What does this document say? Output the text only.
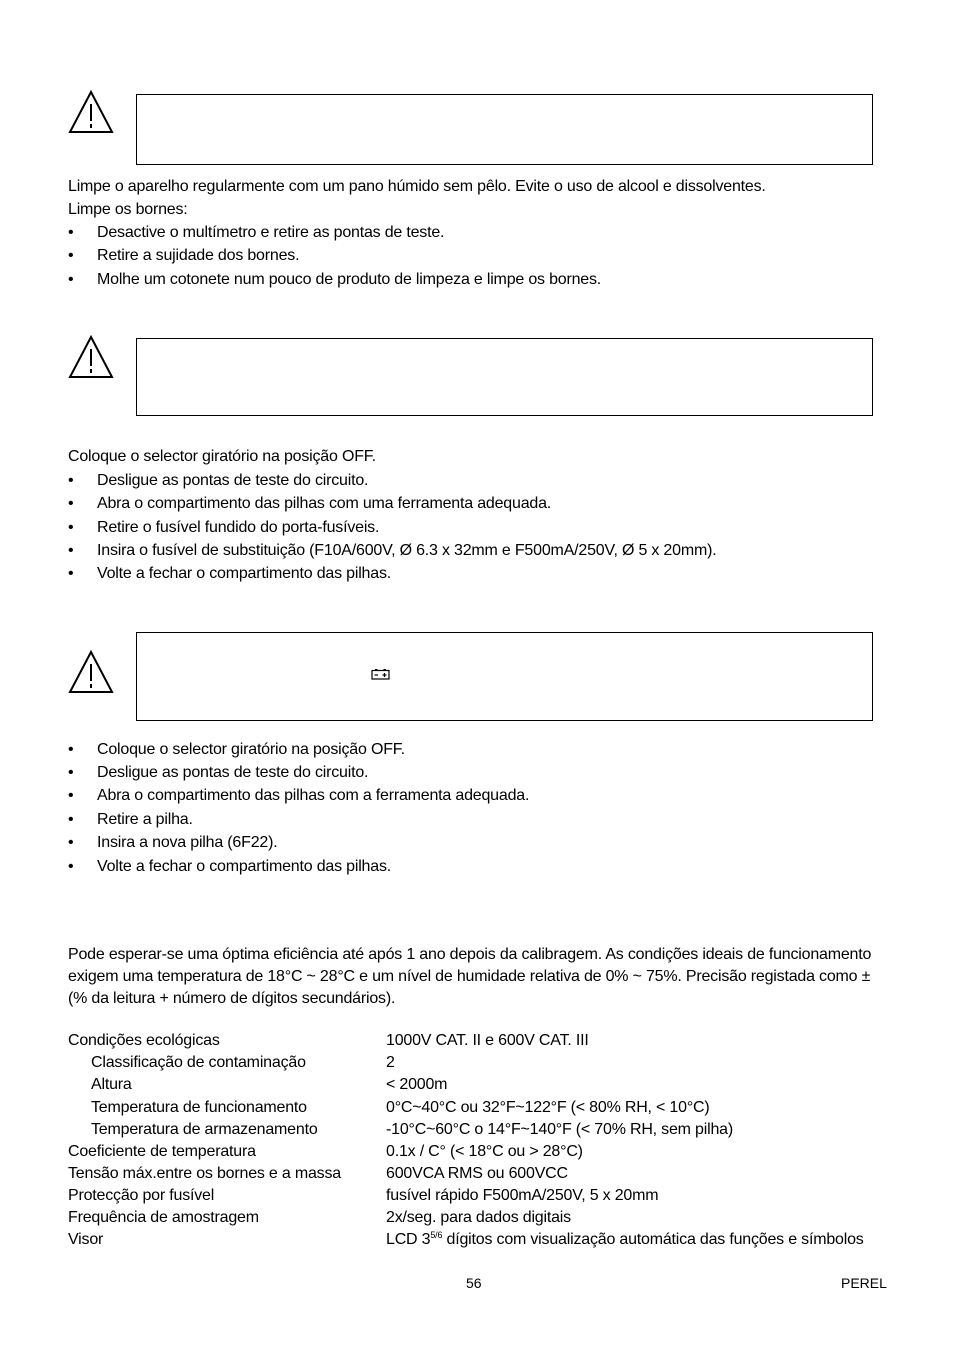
Limpe o aparelho regularmente com um pano húmido sem pêlo. Evite o uso de alcool e dissolventes.
Limpe os bornes:
• Desactive o multímetro e retire as pontas de teste.
• Retire a sujidade dos bornes.
• Molhe um cotonete num pouco de produto de limpeza e limpe os bornes.
Coloque o selector giratório na posição OFF.
• Desligue as pontas de teste do circuito.
• Abra o compartimento das pilhas com uma ferramenta adequada.
• Retire o fusível fundido do porta-fusíveis.
• Insira o fusível de substituição (F10A/600V, Ø 6.3 x 32mm e F500mA/250V, Ø 5 x 20mm).
• Volte a fechar o compartimento das pilhas.
• Coloque o selector giratório na posição OFF.
• Desligue as pontas de teste do circuito.
• Abra o compartimento das pilhas com a ferramenta adequada.
• Retire a pilha.
• Insira a nova pilha (6F22).
• Volte a fechar o compartimento das pilhas.
Pode esperar-se uma óptima eficiência até após 1 ano depois da calibragem. As condições ideais de funcionamento
exigem uma temperatura de 18°C ~ 28°C e um nível de humidade relativa de 0% ~ 75%. Precisão registada como ±
(% da leitura + número de dígitos secundários).
Condições ecológicas	1000V CAT. II e 600V CAT. III
Classificação de contaminação	2
Altura	< 2000m
Temperatura de funcionamento	0°C~40°C ou 32°F~122°F (< 80% RH, < 10°C)
Temperatura de armazenamento	-10°C~60°C o 14°F~140°F (< 70% RH, sem pilha)
Coeficiente de temperatura	0.1x / C° (< 18°C ou > 28°C)
Tensão máx.entre os bornes e a massa	600VCA RMS ou 600VCC
Protecção por fusível	fusível rápido F500mA/250V, 5 x 20mm
Frequência de amostragem	2x/seg. para dados digitais
Visor	LCD $3^{5/6}$ dígitos com visualização automática das funções e símbolos
56	PEREL
